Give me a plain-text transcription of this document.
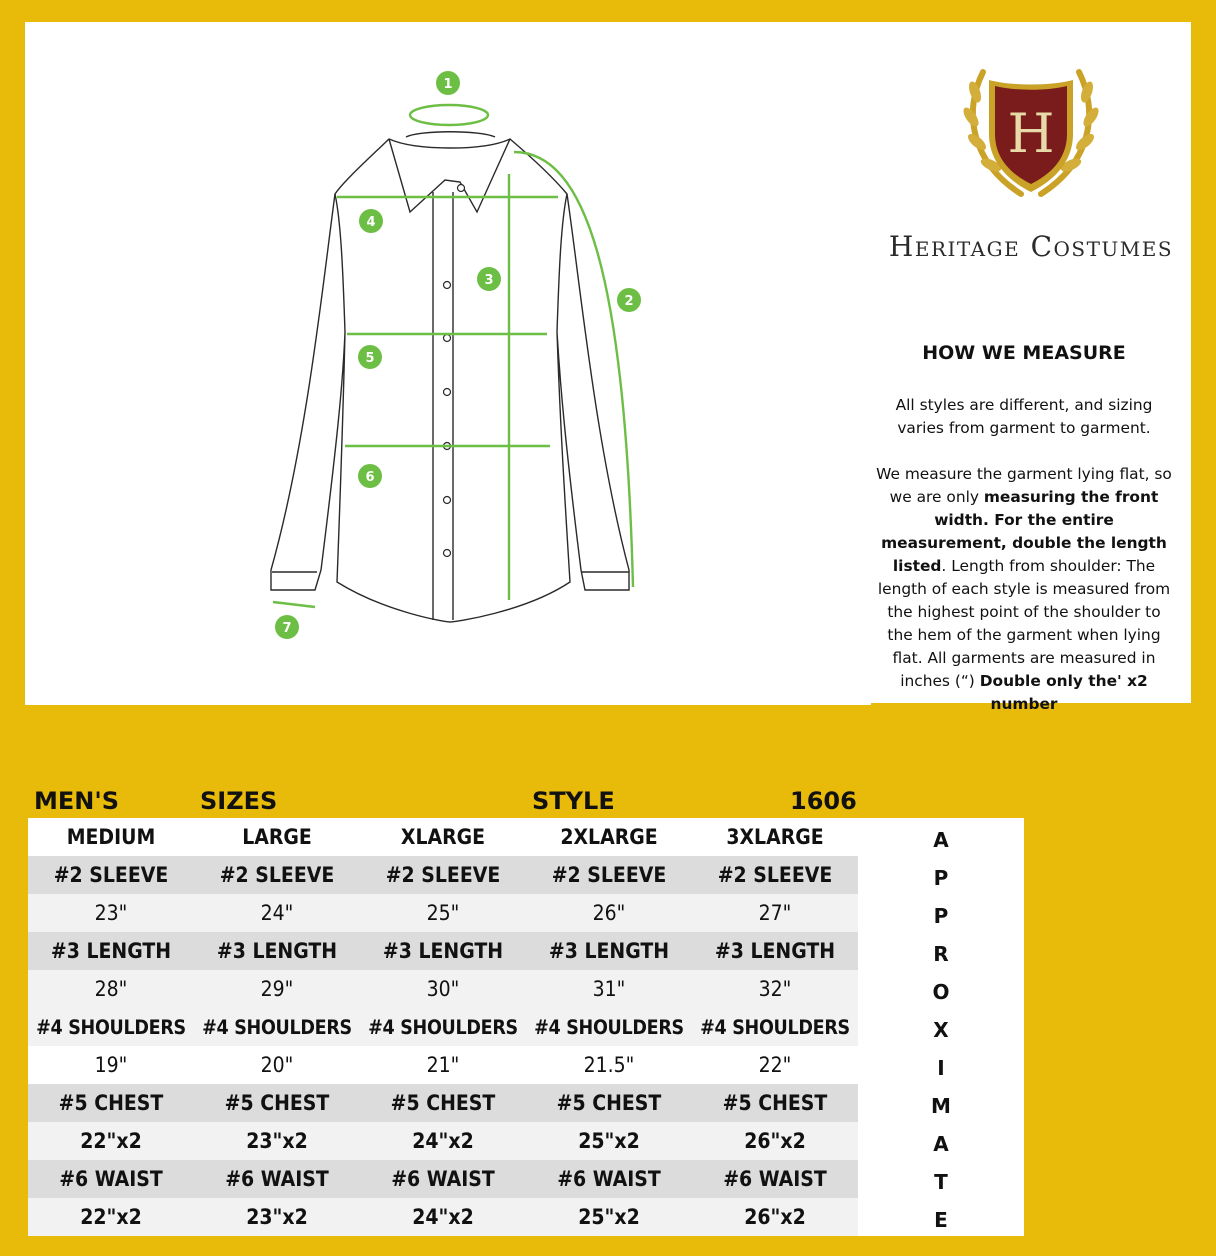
1
2
3
4
5
6
7
H
Heritage Costumes
HOW WE MEASURE

All styles are different, and sizing varies from garment to garment.

We measure the garment lying flat, so we are only measuring the front width. For the entire measurement, double the length listed. Length from shoulder: The length of each style is measured from the highest point of the shoulder to the hem of the garment when lying flat. All garments are measured in inches (“) Double only the' x2 number

MEN'S	SIZES	STYLE	1606
MEDIUM	LARGE	XLARGE	2XLARGE	3XLARGE
#2 SLEEVE	#2 SLEEVE	#2 SLEEVE	#2 SLEEVE	#2 SLEEVE
23"	24"	25"	26"	27"
#3 LENGTH	#3 LENGTH	#3 LENGTH	#3 LENGTH	#3 LENGTH
28"	29"	30"	31"	32"
#4 SHOULDERS	#4 SHOULDERS	#4 SHOULDERS	#4 SHOULDERS	#4 SHOULDERS
19"	20"	21"	21.5"	22"
#5 CHEST	#5 CHEST	#5 CHEST	#5 CHEST	#5 CHEST
22"x2	23"x2	24"x2	25"x2	26"x2
#6 WAIST	#6 WAIST	#6 WAIST	#6 WAIST	#6 WAIST
22"x2	23"x2	24"x2	25"x2	26"x2
A
P
P
R
O
X
I
M
A
T
E
